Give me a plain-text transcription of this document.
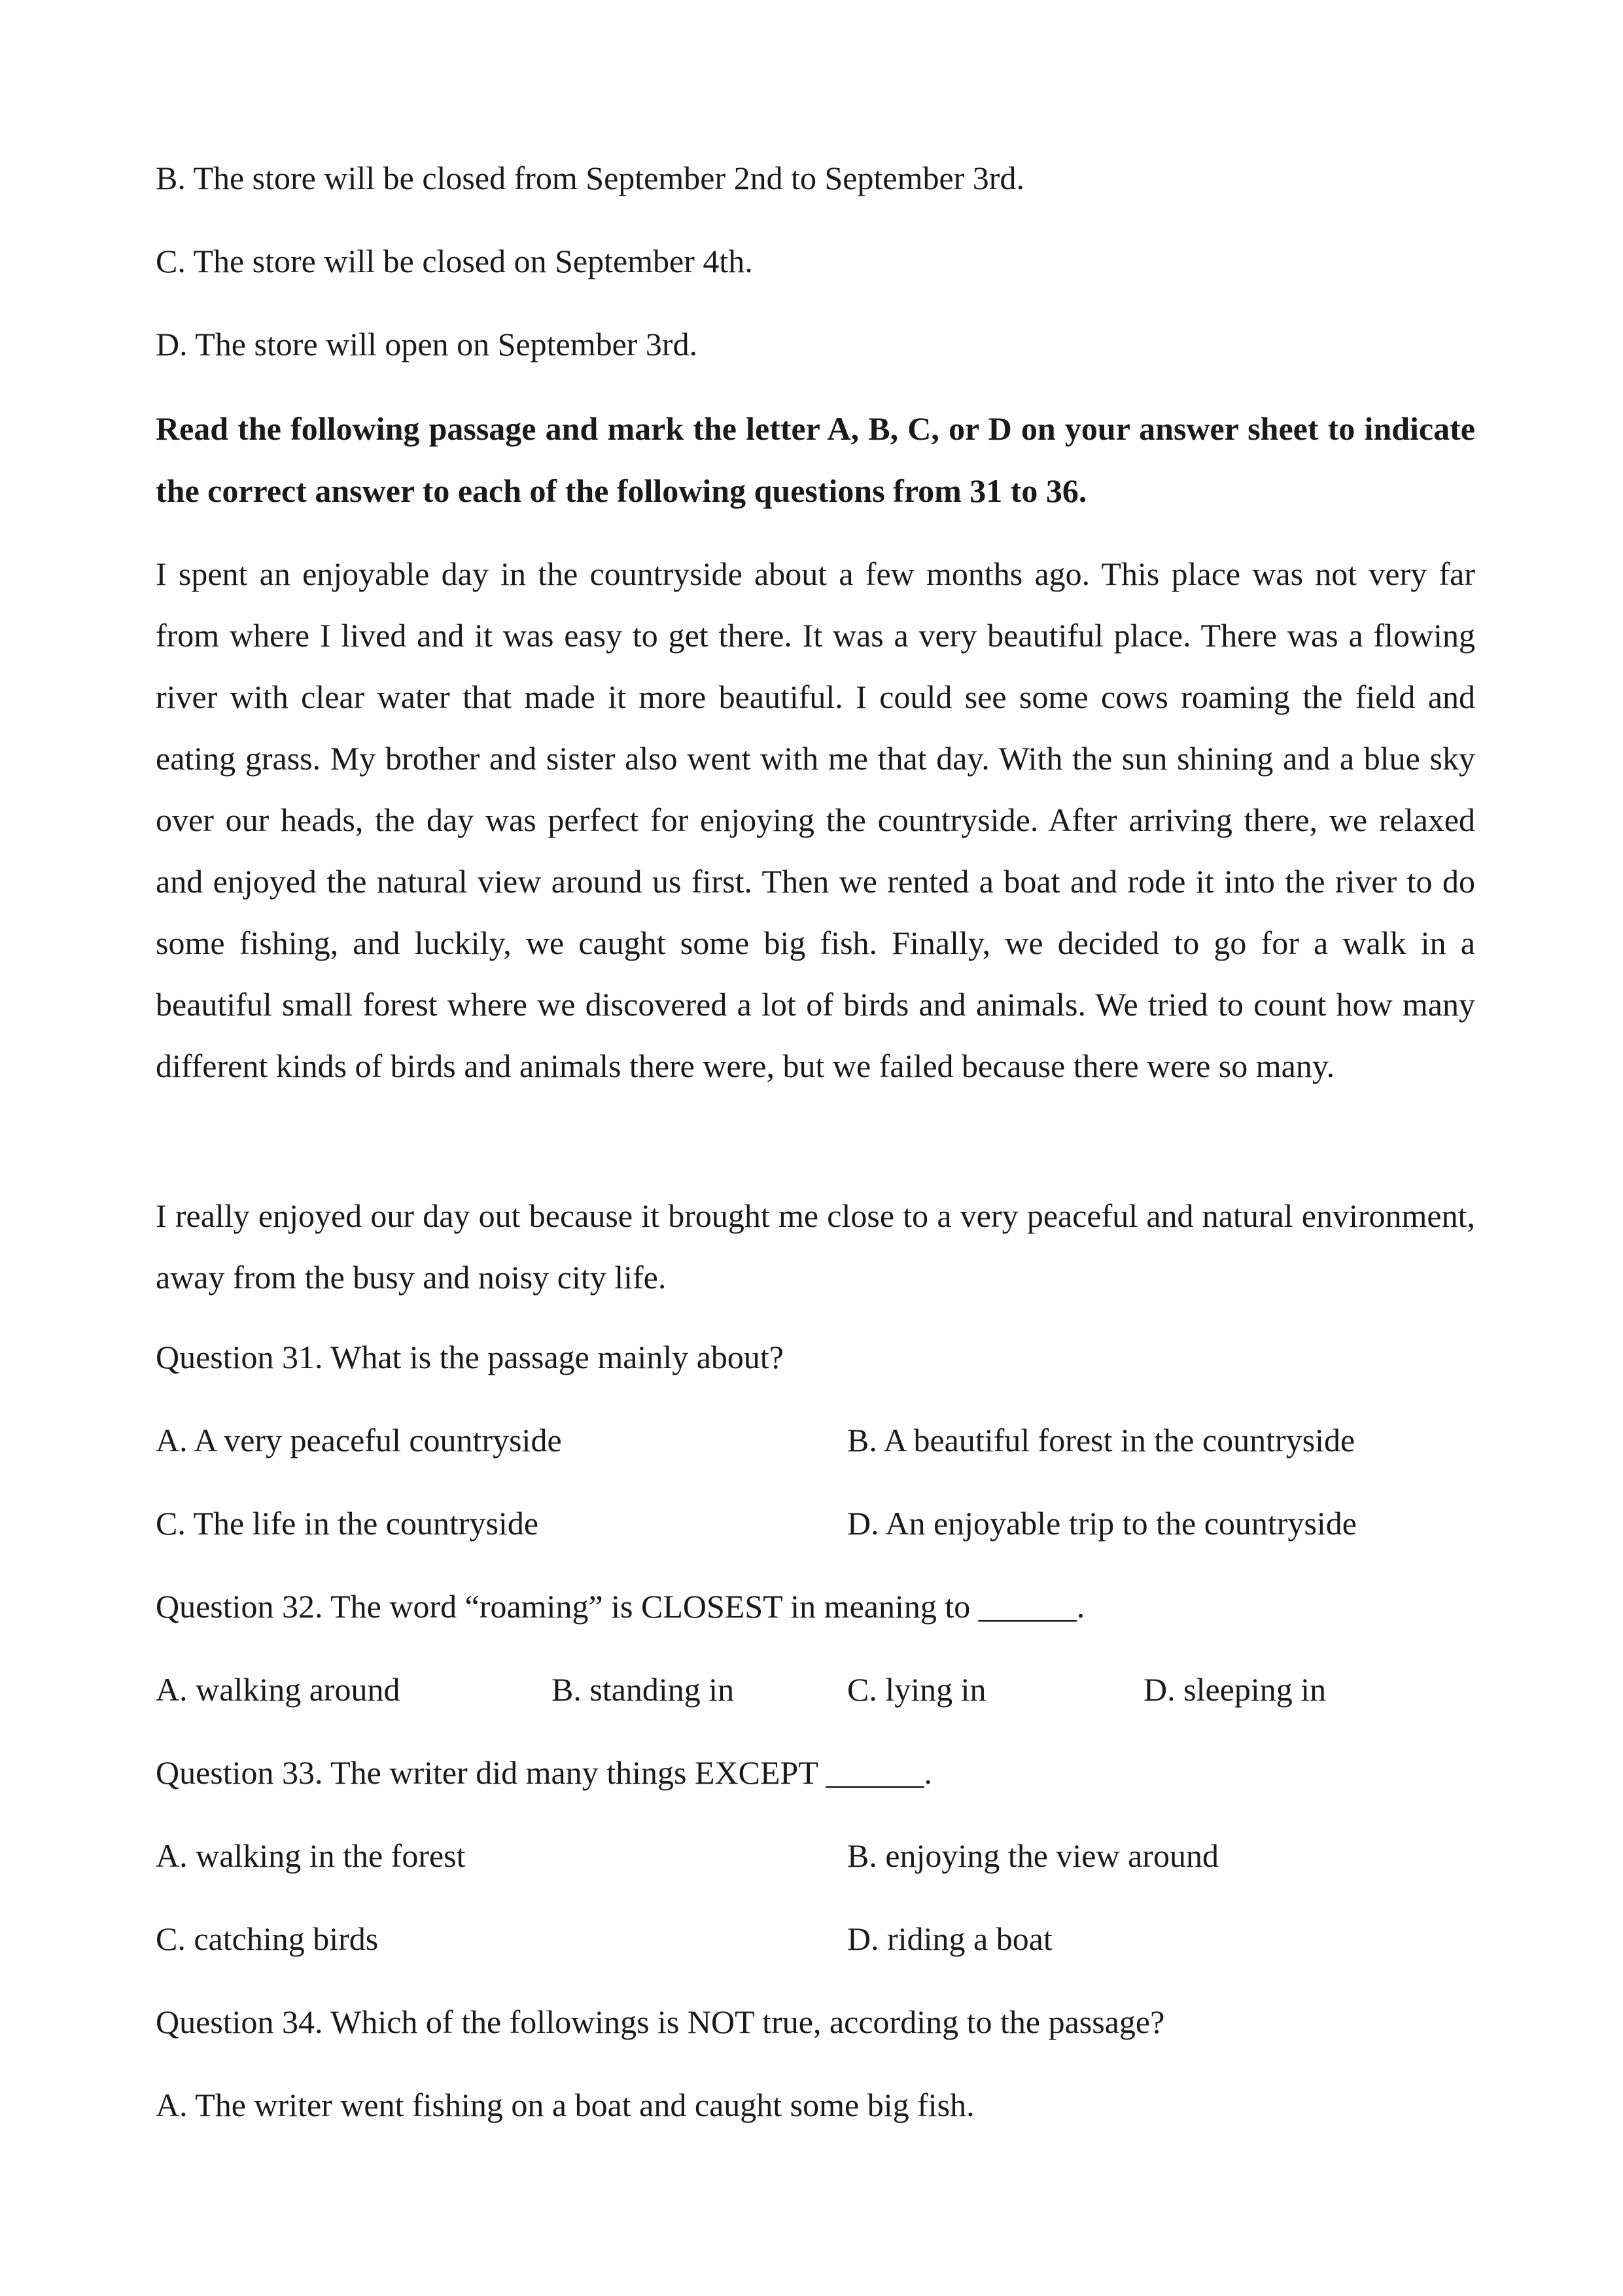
B. The store will be closed from September 2nd to September 3rd.
C. The store will be closed on September 4th.
D. The store will open on September 3rd.
Read the following passage and mark the letter A, B, C, or D on your answer sheet to indicate the correct answer to each of the following questions from 31 to 36.
I spent an enjoyable day in the countryside about a few months ago. This place was not very far from where I lived and it was easy to get there. It was a very beautiful place. There was a flowing river with clear water that made it more beautiful. I could see some cows roaming the field and eating grass. My brother and sister also went with me that day. With the sun shining and a blue sky over our heads, the day was perfect for enjoying the countryside. After arriving there, we relaxed and enjoyed the natural view around us first. Then we rented a boat and rode it into the river to do some fishing, and luckily, we caught some big fish. Finally, we decided to go for a walk in a beautiful small forest where we discovered a lot of birds and animals. We tried to count how many different kinds of birds and animals there were, but we failed because there were so many.
I really enjoyed our day out because it brought me close to a very peaceful and natural environment, away from the busy and noisy city life.
Question 31. What is the passage mainly about?
A. A very peaceful countryside	B. A beautiful forest in the countryside
C. The life in the countryside	D. An enjoyable trip to the countryside
Question 32. The word “roaming” is CLOSEST in meaning to ______.
A. walking around	B. standing in	C. lying in	D. sleeping in
Question 33. The writer did many things EXCEPT ______.
A. walking in the forest	B. enjoying the view around
C. catching birds	D. riding a boat
Question 34. Which of the followings is NOT true, according to the passage?
A. The writer went fishing on a boat and caught some big fish.
